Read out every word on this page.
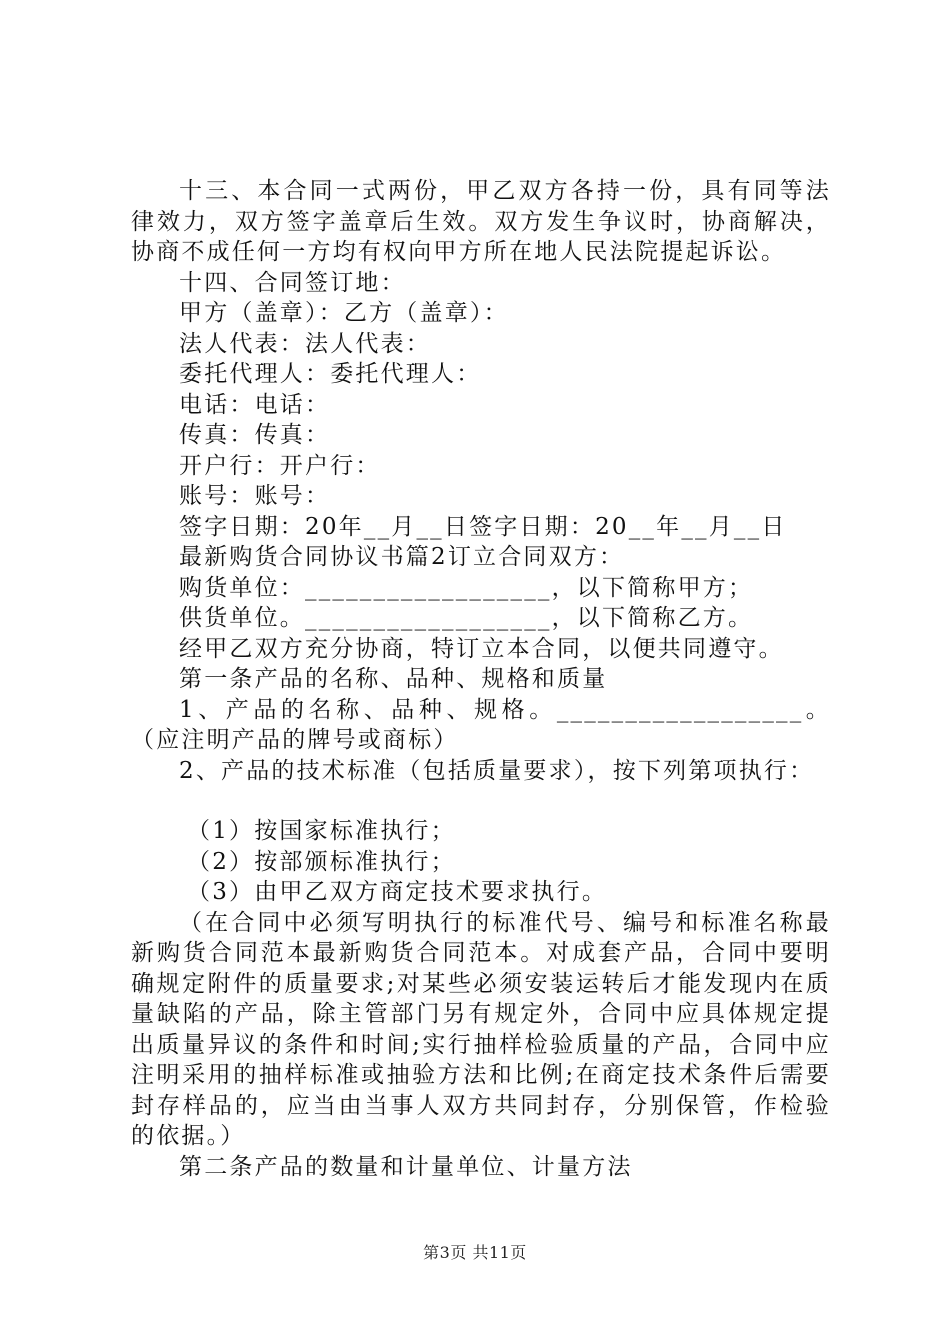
十三、本合同一式两份，甲乙双方各持一份，具有同等法律效力，双方签字盖章后生效。双方发生争议时，协商解决，协商不成任何一方均有权向甲方所在地人民法院提起诉讼。

十四、合同签订地：

甲方（盖章）：乙方（盖章）：

法人代表：法人代表：

委托代理人：委托代理人：

电话：电话：

传真：传真：

开户行：开户行：

账号：账号：

签字日期：20年__月__日签字日期：20__年__月__日

最新购货合同协议书篇2订立合同双方：

购货单位：__________________，以下简称甲方；

供货单位。__________________，以下简称乙方。

经甲乙双方充分协商，特订立本合同，以便共同遵守。

第一条产品的名称、品种、规格和质量

1、产品的名称、品种、规格。__________________。（应注明产品的牌号或商标）

2、产品的技术标准（包括质量要求），按下列第项执行：

（1）按国家标准执行；

（2）按部颁标准执行；

（3）由甲乙双方商定技术要求执行。

（在合同中必须写明执行的标准代号、编号和标准名称最新购货合同范本最新购货合同范本。对成套产品，合同中要明确规定附件的质量要求;对某些必须安装运转后才能发现内在质量缺陷的产品，除主管部门另有规定外，合同中应具体规定提出质量异议的条件和时间;实行抽样检验质量的产品，合同中应注明采用的抽样标准或抽验方法和比例;在商定技术条件后需要封存样品的，应当由当事人双方共同封存，分别保管，作检验的依据。）

第二条产品的数量和计量单位、计量方法

第3页 共11页
